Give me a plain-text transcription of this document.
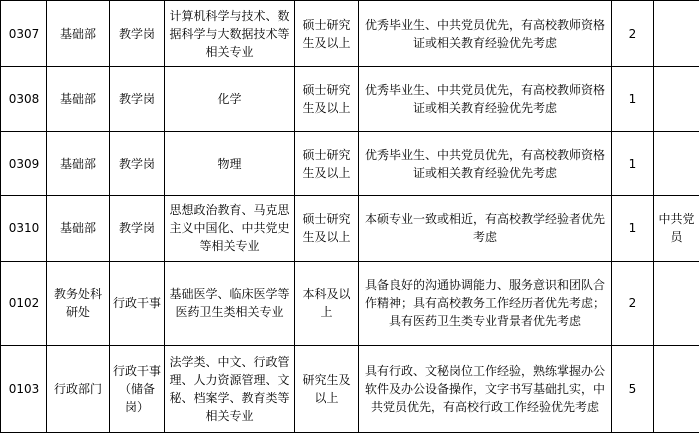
0307	基础部	教学岗	计算机科学与技术、数据科学与大数据技术等相关专业	硕士研究生及以上	优秀毕业生、中共党员优先，有高校教师资格证或相关教育经验优先考虑	2	
0308	基础部	教学岗	化学	硕士研究生及以上	优秀毕业生、中共党员优先，有高校教师资格证或相关教育经验优先考虑	1	
0309	基础部	教学岗	物理	硕士研究生及以上	优秀毕业生、中共党员优先，有高校教师资格证或相关教育经验优先考虑	1	
0310	基础部	教学岗	思想政治教育、马克思主义中国化、中共党史等相关专业	硕士研究生及以上	本硕专业一致或相近，有高校教学经验者优先考虑	1	中共党员
0102	教务处科研处	行政干事	基础医学、临床医学等医药卫生类相关专业	本科及以上	具备良好的沟通协调能力、服务意识和团队合作精神；具有高校教务工作经历者优先考虑；具有医药卫生类专业背景者优先考虑	2	
0103	行政部门	行政干事（储备岗）	法学类、中文、行政管理、人力资源管理、文秘、档案学、教育类等相关专业	研究生及以上	具有行政、文秘岗位工作经验，熟练掌握办公软件及办公设备操作，文字书写基础扎实，中共党员优先，有高校行政工作经验优先考虑	5	
